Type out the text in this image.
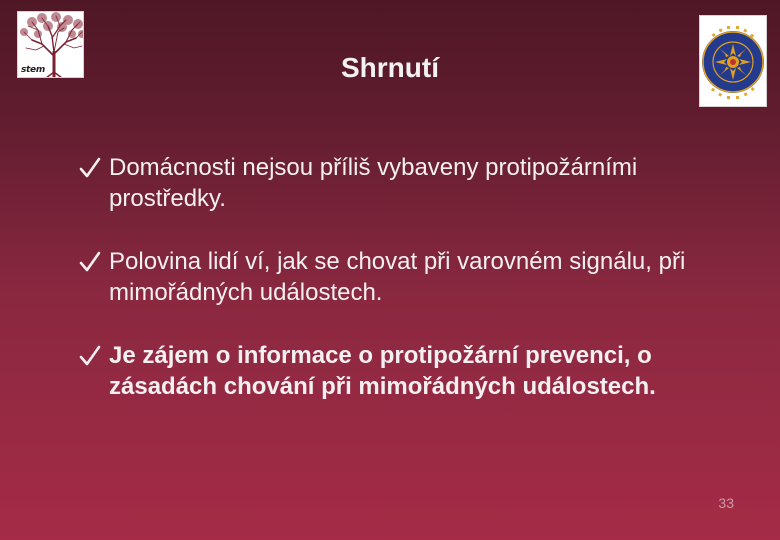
stem	Shrnutí
Domácnosti nejsou příliš vybaveny protipožárními prostředky.
Polovina lidí ví, jak se chovat při varovném signálu, při mimořádných událostech.
Je zájem o informace o protipožární prevenci, o zásadách chování při mimořádných událostech.
33
